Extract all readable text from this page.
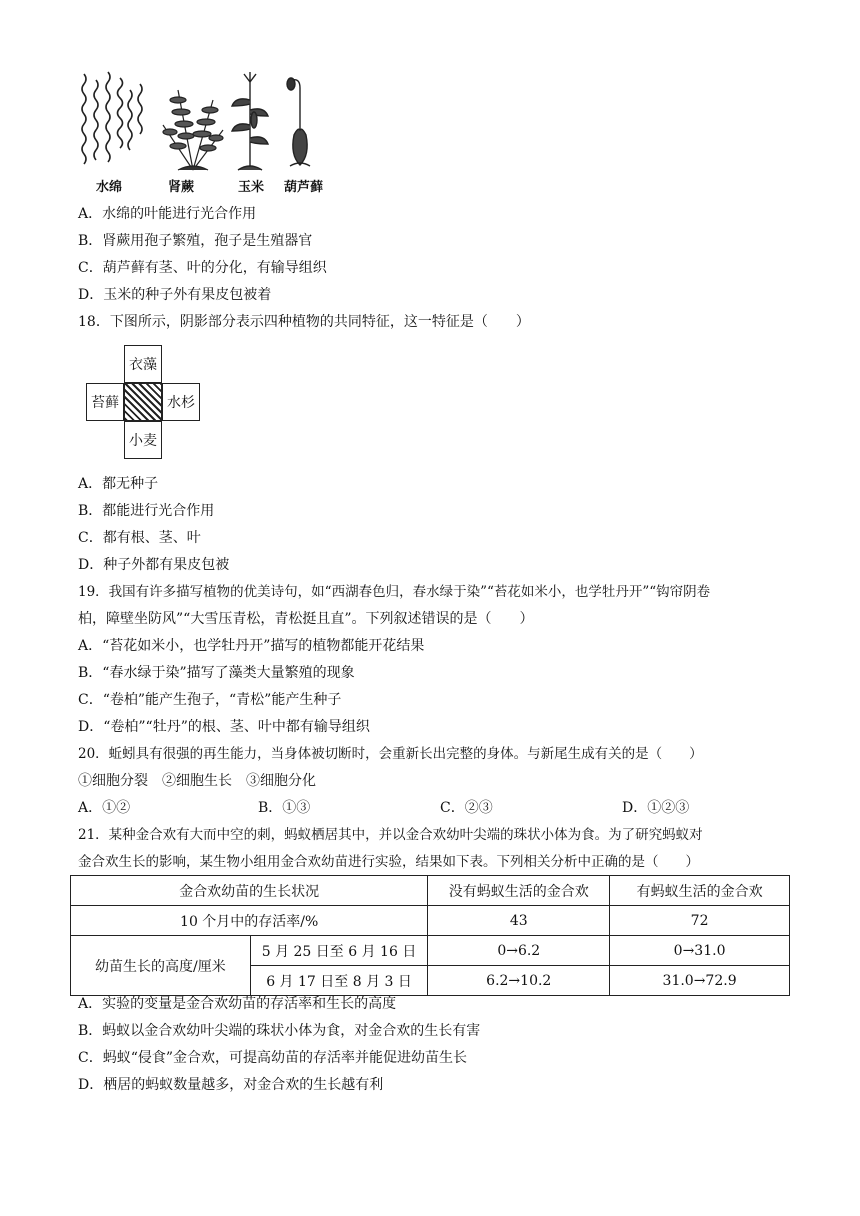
水绵	肾蕨	玉米 葫芦藓
A．水绵的叶能进行光合作用
B．肾蕨用孢子繁殖，孢子是生殖器官
C．葫芦藓有茎、叶的分化，有输导组织
D．玉米的种子外有果皮包被着
18．下图所示，阴影部分表示四种植物的共同特征，这一特征是（　　）
衣藻
苔藓	水杉
小麦
A．都无种子
B．都能进行光合作用
C．都有根、茎、叶
D．种子外都有果皮包被
19．我国有许多描写植物的优美诗句，如“西湖春色归，春水绿于染”“苔花如米小，也学牡丹开”“钩帘阴卷
柏，障壁坐防风”“大雪压青松，青松挺且直”。下列叙述错误的是（　　）
A．“苔花如米小，也学牡丹开”描写的植物都能开花结果
B．“春水绿于染”描写了藻类大量繁殖的现象
C．“卷柏”能产生孢子，“青松”能产生种子
D．“卷柏”“牡丹”的根、茎、叶中都有输导组织
20．蚯蚓具有很强的再生能力，当身体被切断时，会重新长出完整的身体。与新尾生成有关的是（　　）
①细胞分裂　②细胞生长　③细胞分化
A．①②	B．①③	C．②③	D．①②③
21．某种金合欢有大而中空的刺，蚂蚁栖居其中，并以金合欢幼叶尖端的珠状小体为食。为了研究蚂蚁对
金合欢生长的影响，某生物小组用金合欢幼苗进行实验，结果如下表。下列相关分析中正确的是（　　）
金合欢幼苗的生长状况		没有蚂蚁生活的金合欢	有蚂蚁生活的金合欢
10 个月中的存活率/%		43	72
幼苗生长的高度/厘米	5 月 25 日至 6 月 16 日	0→6.2	0→31.0
	6 月 17 日至 8 月 3 日	6.2→10.2	31.0→72.9
A．实验的变量是金合欢幼苗的存活率和生长的高度
B．蚂蚁以金合欢幼叶尖端的珠状小体为食，对金合欢的生长有害
C．蚂蚁“侵食”金合欢，可提高幼苗的存活率并能促进幼苗生长
D．栖居的蚂蚁数量越多，对金合欢的生长越有利
